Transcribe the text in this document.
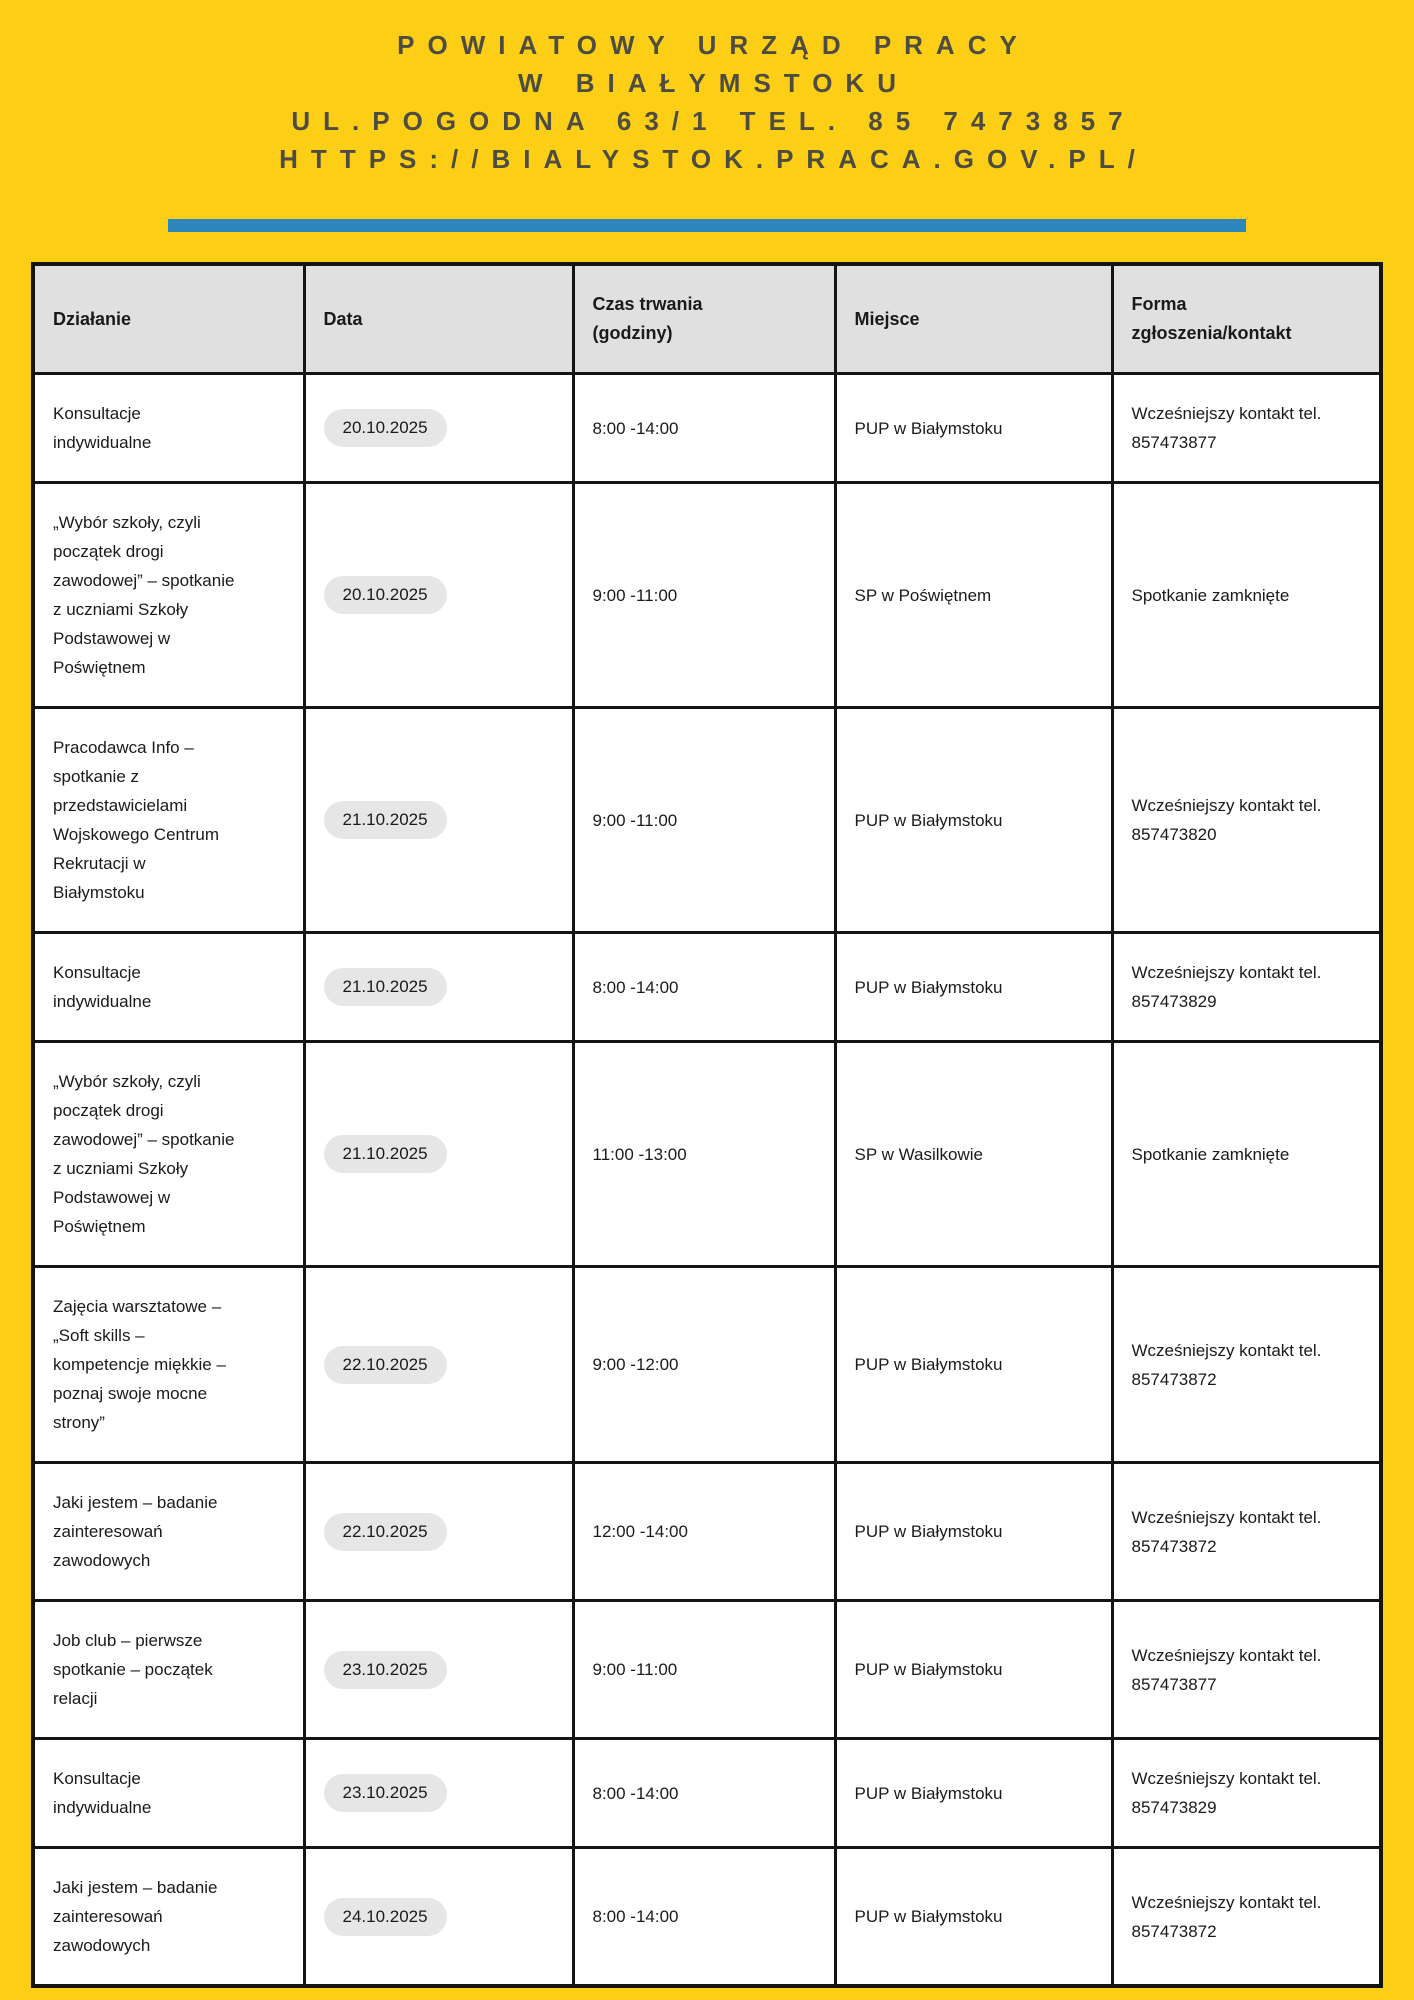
POWIATOWY URZĄD PRACY
W BIAŁYMSTOKU
UL.POGODNA 63/1 TEL. 85 7473857
HTTPS://BIALYSTOK.PRACA.GOV.PL/
Działanie	Data	Czas trwania (godziny)	Miejsce	Forma zgłoszenia/kontakt
Konsultacje indywidualne	20.10.2025	8:00 -14:00	PUP w Białymstoku	Wcześniejszy kontakt tel. 857473877
„Wybór szkoły, czyli początek drogi zawodowej” – spotkanie z uczniami Szkoły Podstawowej w Poświętnem	20.10.2025	9:00 -11:00	SP w Poświętnem	Spotkanie zamknięte
Pracodawca Info – spotkanie z przedstawicielami Wojskowego Centrum Rekrutacji w Białymstoku	21.10.2025	9:00 -11:00	PUP w Białymstoku	Wcześniejszy kontakt tel. 857473820
Konsultacje indywidualne	21.10.2025	8:00 -14:00	PUP w Białymstoku	Wcześniejszy kontakt tel. 857473829
„Wybór szkoły, czyli początek drogi zawodowej” – spotkanie z uczniami Szkoły Podstawowej w Poświętnem	21.10.2025	11:00 -13:00	SP w Wasilkowie	Spotkanie zamknięte
Zajęcia warsztatowe – „Soft skills – kompetencje miękkie – poznaj swoje mocne strony”	22.10.2025	9:00 -12:00	PUP w Białymstoku	Wcześniejszy kontakt tel. 857473872
Jaki jestem – badanie zainteresowań zawodowych	22.10.2025	12:00 -14:00	PUP w Białymstoku	Wcześniejszy kontakt tel. 857473872
Job club – pierwsze spotkanie – początek relacji	23.10.2025	9:00 -11:00	PUP w Białymstoku	Wcześniejszy kontakt tel. 857473877
Konsultacje indywidualne	23.10.2025	8:00 -14:00	PUP w Białymstoku	Wcześniejszy kontakt tel. 857473829
Jaki jestem – badanie zainteresowań zawodowych	24.10.2025	8:00 -14:00	PUP w Białymstoku	Wcześniejszy kontakt tel. 857473872
